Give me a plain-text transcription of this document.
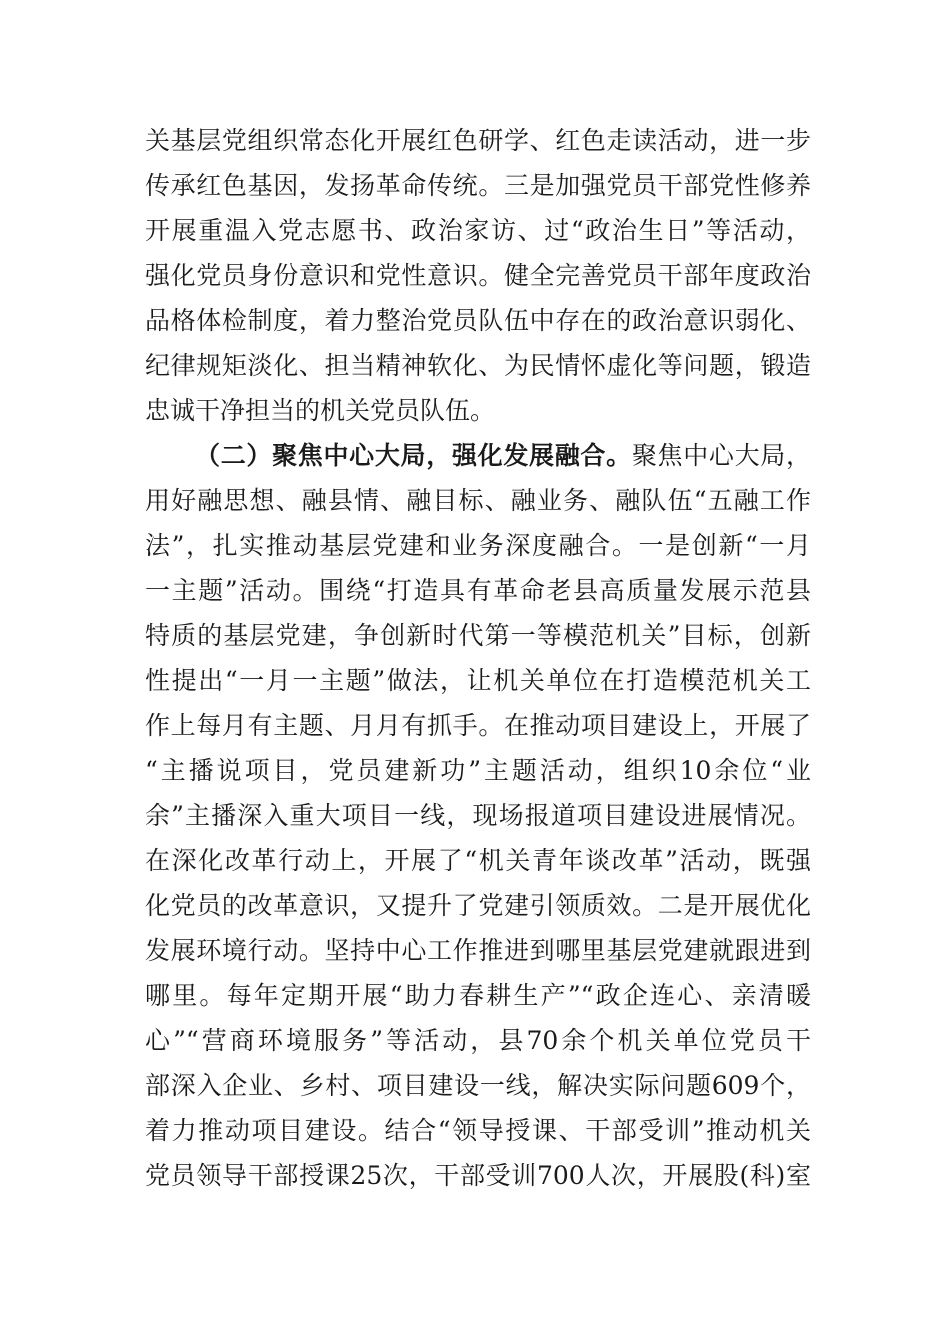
关基层党组织常态化开展红色研学、红色走读活动，进一步
传承红色基因，发扬革命传统。三是加强党员干部党性修养
开展重温入党志愿书、政治家访、过“政治生日”等活动，
强化党员身份意识和党性意识。健全完善党员干部年度政治
品格体检制度，着力整治党员队伍中存在的政治意识弱化、
纪律规矩淡化、担当精神软化、为民情怀虚化等问题，锻造
忠诚干净担当的机关党员队伍。
（二）聚焦中心大局，强化发展融合。聚焦中心大局，
用好融思想、融县情、融目标、融业务、融队伍“五融工作
法”，扎实推动基层党建和业务深度融合。一是创新“一月
一主题”活动。围绕“打造具有革命老县高质量发展示范县
特质的基层党建，争创新时代第一等模范机关”目标，创新
性提出“一月一主题”做法，让机关单位在打造模范机关工
作上每月有主题、月月有抓手。在推动项目建设上，开展了
“主播说项目，党员建新功”主题活动，组织10余位“业
余”主播深入重大项目一线，现场报道项目建设进展情况。
在深化改革行动上，开展了“机关青年谈改革”活动，既强
化党员的改革意识，又提升了党建引领质效。二是开展优化
发展环境行动。坚持中心工作推进到哪里基层党建就跟进到
哪里。每年定期开展“助力春耕生产”“政企连心、亲清暖
心”“营商环境服务”等活动，县70余个机关单位党员干
部深入企业、乡村、项目建设一线，解决实际问题609个，
着力推动项目建设。结合“领导授课、干部受训”推动机关
党员领导干部授课25次，干部受训700人次，开展股(科)室
